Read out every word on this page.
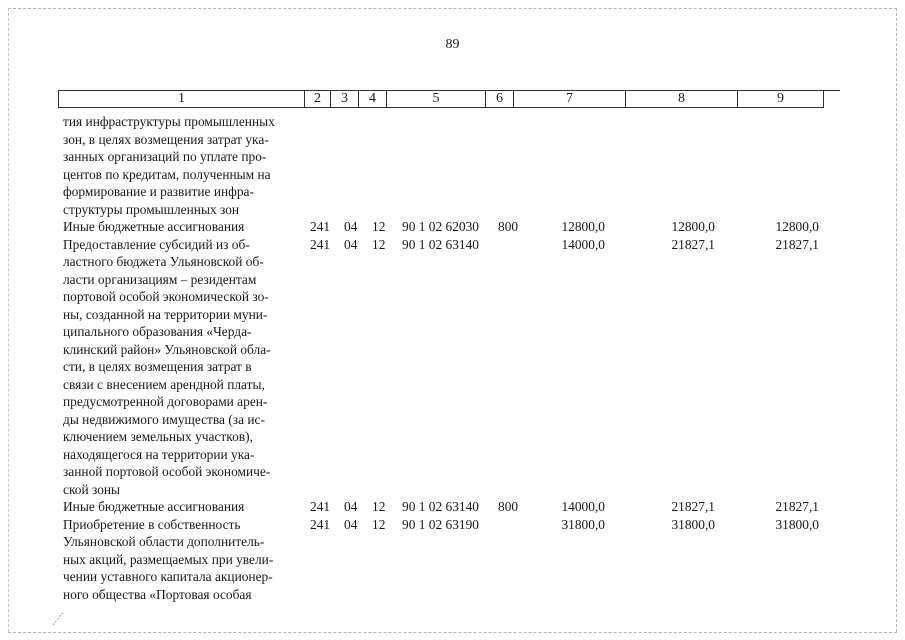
89
1	2	3	4	5	6	7	8	9
тия инфраструктуры промышленных
зон, в целях возмещения затрат ука-
занных организаций по уплате про-
центов по кредитам, полученным на
формирование и развитие инфра-
структуры промышленных зон
Иные бюджетные ассигнования	241 04 12 90 1 02 62030 800	12800,0	12800,0	12800,0
Предоставление субсидий из об-
ластного бюджета Ульяновской об-
ласти организациям – резидентам
портовой особой экономической зо-
ны, созданной на территории муни-
ципального образования «Черда-
клинский район» Ульяновской обла-
сти, в целях возмещения затрат в
связи с внесением арендной платы,
предусмотренной договорами арен-
ды недвижимого имущества (за ис-
ключением земельных участков),
находящегося на территории ука-
занной портовой особой экономиче-
ской зоны
241 04 12 90 1 02 63140	14000,0	21827,1	21827,1
Иные бюджетные ассигнования	241 04 12 90 1 02 63140 800	14000,0	21827,1	21827,1
Приобретение в собственность
Ульяновской области дополнитель-
ных акций, размещаемых при увели-
чении уставного капитала акционер-
ного общества «Портовая особая
241 04 12 90 1 02 63190	31800,0	31800,0	31800,0
